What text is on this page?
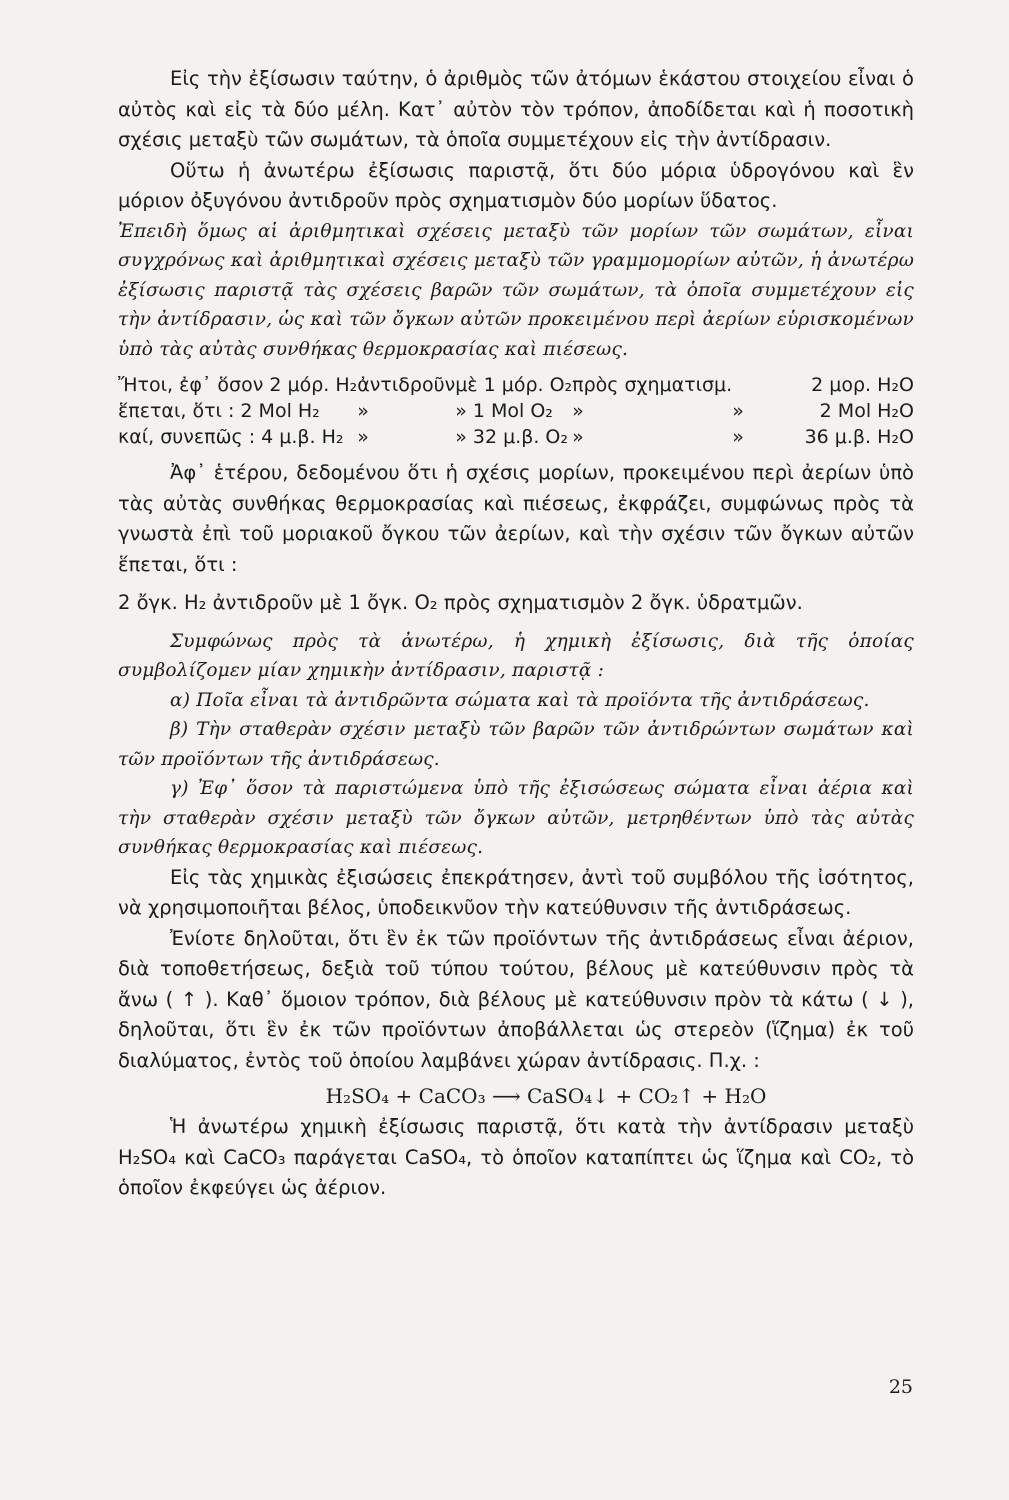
Εἰς τὴν ἐξίσωσιν ταύτην, ὁ ἀριθμὸς τῶν ἀτόμων ἑκάστου στοιχείου εἶναι ὁ αὐτὸς καὶ εἰς τὰ δύο μέλη. Κατ᾽ αὐτὸν τὸν τρόπον, ἀποδίδεται καὶ ἡ ποσοτικὴ σχέσις μεταξὺ τῶν σωμάτων, τὰ ὁποῖα συμμετέχουν εἰς τὴν ἀντίδρασιν.

Οὕτω ἡ ἀνωτέρω ἐξίσωσις παριστᾷ, ὅτι δύο μόρια ὑδρογόνου καὶ ἓν μόριον ὀξυγόνου ἀντιδροῦν πρὸς σχηματισμὸν δύο μορίων ὕδατος.

Ἐπειδὴ ὅμως αἱ ἀριθμητικαὶ σχέσεις μεταξὺ τῶν μορίων τῶν σωμάτων, εἶναι συγχρόνως καὶ ἀριθμητικαὶ σχέσεις μεταξὺ τῶν γραμμομορίων αὐτῶν, ἡ ἀνωτέρω ἐξίσωσις παριστᾷ τὰς σχέσεις βαρῶν τῶν σωμάτων, τὰ ὁποῖα συμμετέχουν εἰς τὴν ἀντίδρασιν, ὡς καὶ τῶν ὄγκων αὐτῶν προκειμένου περὶ ἀερίων εὑρισκομένων ὑπὸ τὰς αὐτὰς συνθήκας θερμοκρασίας καὶ πιέσεως.

Ἤτοι, ἐφ᾽ ὅσον 2 μόρ. H₂	ἀντιδροῦν	μὲ 1 μόρ. O₂	πρὸς σχηματισμ.		2 μορ. H₂O
ἕπεται, ὅτι : 2 Mol H₂	»	» 1 Mol O₂	»	»	2 Mol H₂O
καί, συνεπῶς : 4 μ.β. H₂	»	» 32 μ.β. O₂	»	»	36 μ.β. H₂O

Ἀφ᾽ ἑτέρου, δεδομένου ὅτι ἡ σχέσις μορίων, προκειμένου περὶ ἀερίων ὑπὸ τὰς αὐτὰς συνθήκας θερμοκρασίας καὶ πιέσεως, ἐκφράζει, συμφώνως πρὸς τὰ γνωστὰ ἐπὶ τοῦ μοριακοῦ ὄγκου τῶν ἀερίων, καὶ τὴν σχέσιν τῶν ὄγκων αὐτῶν ἕπεται, ὅτι :

2 ὄγκ. H₂ ἀντιδροῦν μὲ 1 ὄγκ. O₂ πρὸς σχηματισμὸν 2 ὄγκ. ὑδρατμῶν.

Συμφώνως πρὸς τὰ ἀνωτέρω, ἡ χημικὴ ἐξίσωσις, διὰ τῆς ὁποίας συμβολίζομεν μίαν χημικὴν ἀντίδρασιν, παριστᾷ :

α) Ποῖα εἶναι τὰ ἀντιδρῶντα σώματα καὶ τὰ προϊόντα τῆς ἀντιδράσεως.

β) Τὴν σταθερὰν σχέσιν μεταξὺ τῶν βαρῶν τῶν ἀντιδρώντων σωμάτων καὶ τῶν προϊόντων τῆς ἀντιδράσεως.

γ) Ἐφ᾽ ὅσον τὰ παριστώμενα ὑπὸ τῆς ἐξισώσεως σώματα εἶναι ἀέρια καὶ τὴν σταθερὰν σχέσιν μεταξὺ τῶν ὄγκων αὐτῶν, μετρηθέντων ὑπὸ τὰς αὐτὰς συνθήκας θερμοκρασίας καὶ πιέσεως.

Εἰς τὰς χημικὰς ἐξισώσεις ἐπεκράτησεν, ἀντὶ τοῦ συμβόλου τῆς ἰσότητος, νὰ χρησιμοποιῆται βέλος, ὑποδεικνῦον τὴν κατεύθυνσιν τῆς ἀντιδράσεως.

Ἐνίοτε δηλοῦται, ὅτι ἓν ἐκ τῶν προϊόντων τῆς ἀντιδράσεως εἶναι ἀέριον, διὰ τοποθετήσεως, δεξιὰ τοῦ τύπου τούτου, βέλους μὲ κατεύθυνσιν πρὸς τὰ ἄνω ( ↑ ). Καθ᾽ ὅμοιον τρόπον, διὰ βέλους μὲ κατεύθυνσιν πρὸν τὰ κάτω ( ↓ ), δηλοῦται, ὅτι ἓν ἐκ τῶν προϊόντων ἀποβάλλεται ὡς στερεὸν (ἵζημα) ἐκ τοῦ διαλύματος, ἐντὸς τοῦ ὁποίου λαμβάνει χώραν ἀντίδρασις. Π.χ. :

H₂SO₄ + CaCO₃ ⟶ CaSO₄↓ + CO₂↑ + H₂O

Ἡ ἀνωτέρω χημικὴ ἐξίσωσις παριστᾷ, ὅτι κατὰ τὴν ἀντίδρασιν μεταξὺ H₂SO₄ καὶ CaCO₃ παράγεται CaSO₄, τὸ ὁποῖον καταπίπτει ὡς ἵζημα καὶ CO₂, τὸ ὁποῖον ἐκφεύγει ὡς ἀέριον.

25
